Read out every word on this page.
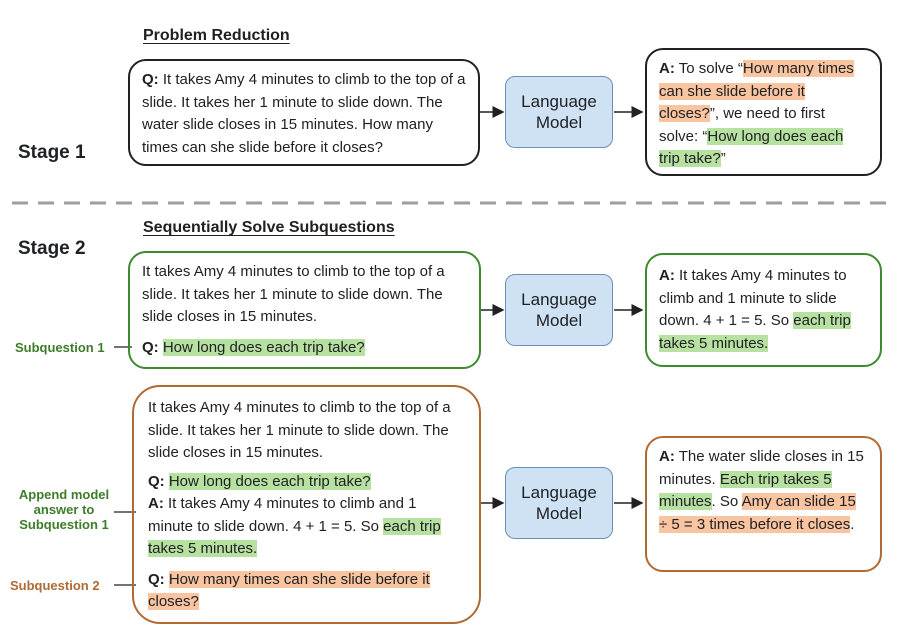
Stage 1
Problem Reduction

Q: It takes Amy 4 minutes to climb to the top of a slide. It takes her 1 minute to slide down. The water slide closes in 15 minutes. How many times can she slide before it closes?

Language Model

A: To solve “How many times can she slide before it closes?”, we need to first solve: “How long does each trip take?”

Stage 2
Sequentially Solve Subquestions
Subquestion 1

It takes Amy 4 minutes to climb to the top of a slide. It takes her 1 minute to slide down. The slide closes in 15 minutes.

Q: How long does each trip take?

Language Model

A: It takes Amy 4 minutes to climb and 1 minute to slide down. 4 + 1 = 5. So each trip takes 5 minutes.

Append model answer to Subquestion 1
Subquestion 2

It takes Amy 4 minutes to climb to the top of a slide. It takes her 1 minute to slide down. The slide closes in 15 minutes.

Q: How long does each trip take?

A: It takes Amy 4 minutes to climb and 1 minute to slide down. 4 + 1 = 5. So each trip takes 5 minutes.

Q: How many times can she slide before it closes?

Language Model

A: The water slide closes in 15 minutes. Each trip takes 5 minutes. So Amy can slide 15 ÷ 5 = 3 times before it closes.
